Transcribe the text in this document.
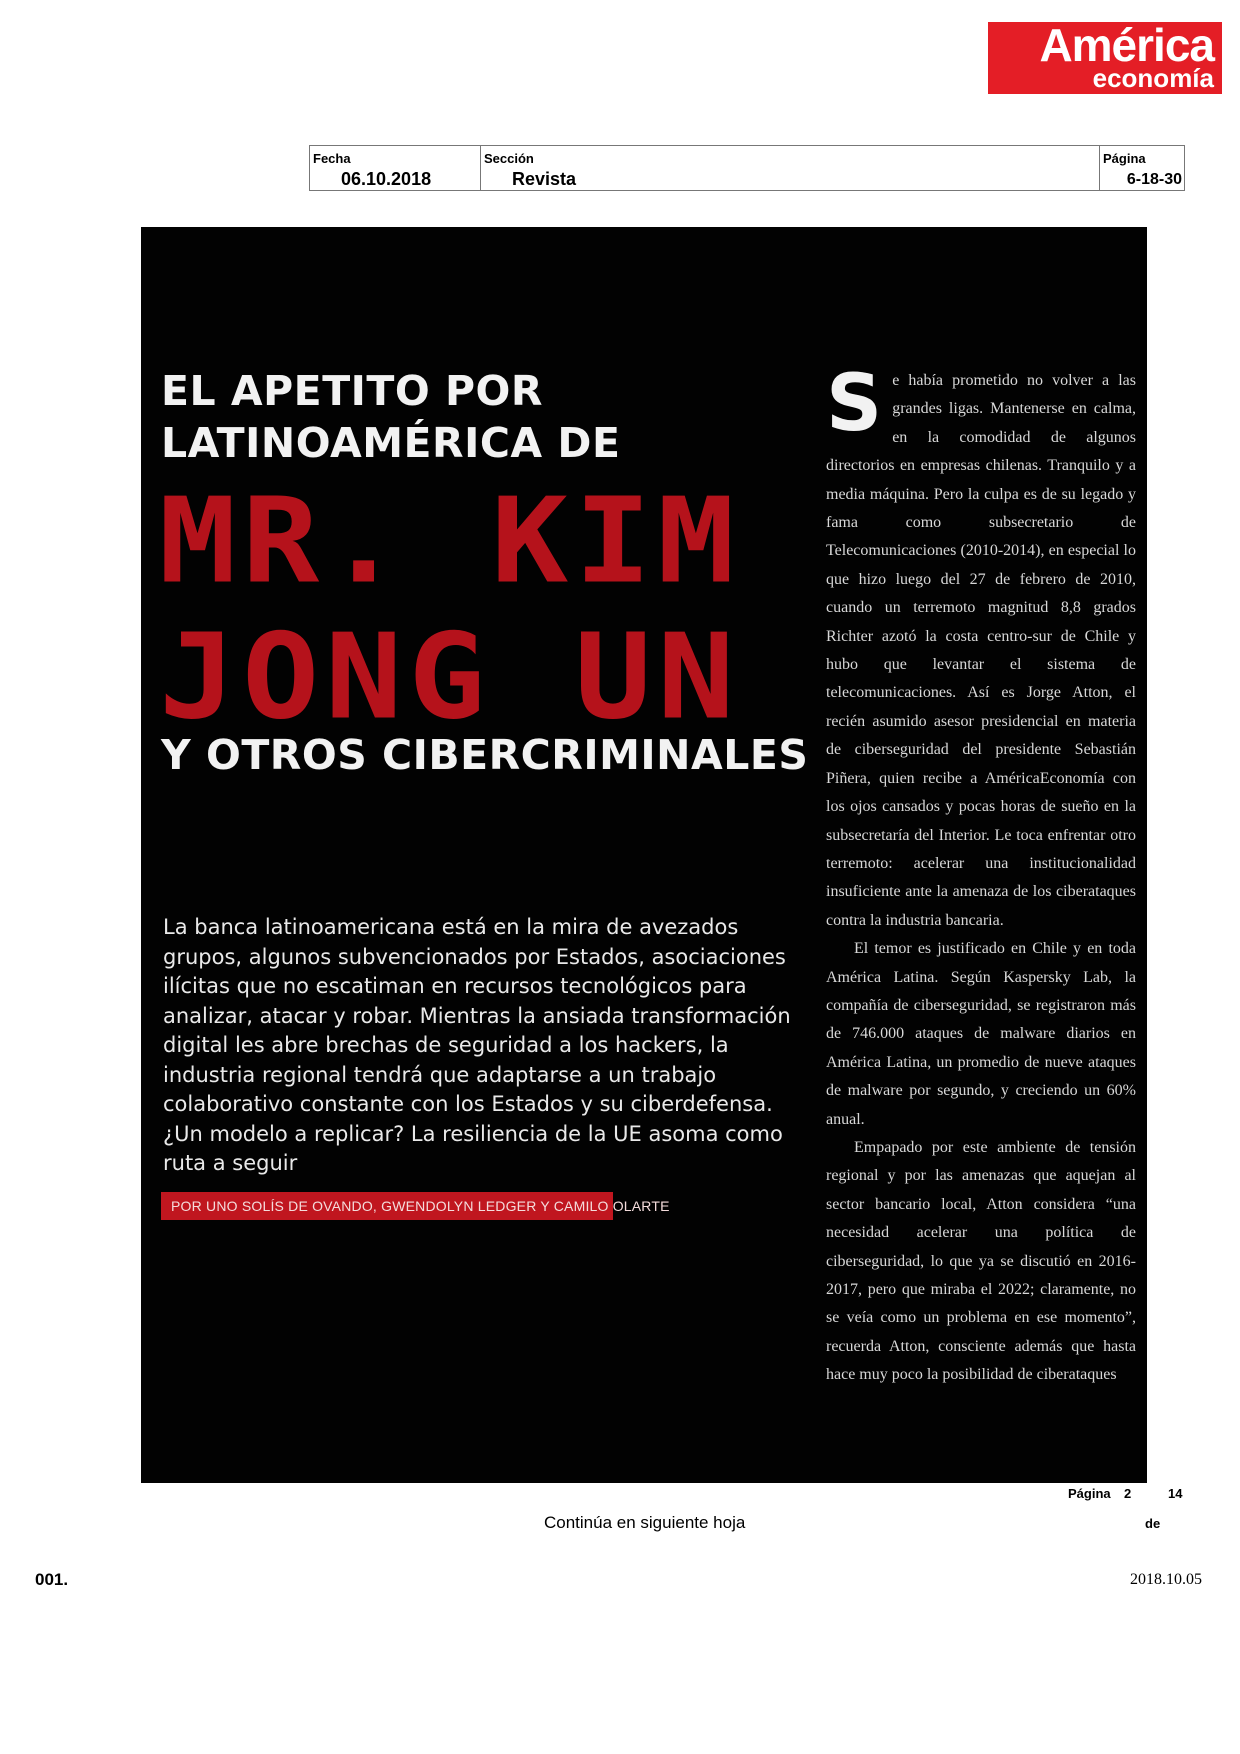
América
economía
Fecha
06.10.2018
Sección
Revista
Página
6-18-30
EL APETITO POR
LATINOAMÉRICA DE
MR. KIM
JONG UN
Y OTROS CIBERCRIMINALES

La banca latinoamericana está en la mira de avezados grupos, algunos subvencionados por Estados, asociaciones ilícitas que no escatiman en recursos tecnológicos para analizar, atacar y robar. Mientras la ansiada transformación digital les abre brechas de seguridad a los hackers, la industria regional tendrá que adaptarse a un trabajo colaborativo constante con los Estados y su ciberdefensa. ¿Un modelo a replicar? La resiliencia de la UE asoma como ruta a seguir

POR UNO SOLÍS DE OVANDO, GWENDOLYN LEDGER Y CAMILO OLARTE

Se había prometido no volver a las grandes ligas. Mantenerse en calma, en la comodidad de algunos directorios en empresas chilenas. Tranquilo y a media máquina. Pero la culpa es de su legado y fama como subsecretario de Telecomunicaciones (2010-2014), en especial lo que hizo luego del 27 de febrero de 2010, cuando un terremoto magnitud 8,8 grados Richter azotó la costa centro-sur de Chile y hubo que levantar el sistema de telecomunicaciones. Así es Jorge Atton, el recién asumido asesor presidencial en materia de ciberseguridad del presidente Sebastián Piñera, quien recibe a AméricaEconomía con los ojos cansados y pocas horas de sueño en la subsecretaría del Interior. Le toca enfrentar otro terremoto: acelerar una institucionalidad insuficiente ante la amenaza de los ciberataques contra la industria bancaria.

El temor es justificado en Chile y en toda América Latina. Según Kaspersky Lab, la compañía de ciberseguridad, se registraron más de 746.000 ataques de malware diarios en América Latina, un promedio de nueve ataques de malware por segundo, y creciendo un 60% anual.

Empapado por este ambiente de tensión regional y por las amenazas que aquejan al sector bancario local, Atton considera “una necesidad acelerar una política de ciberseguridad, lo que ya se discutió en 2016-2017, pero que miraba el 2022; claramente, no se veía como un problema en ese momento”, recuerda Atton, consciente además que hasta hace muy poco la posibilidad de ciberataques

Página 2	14
de
Continúa en siguiente hoja
001.	2018.10.05
